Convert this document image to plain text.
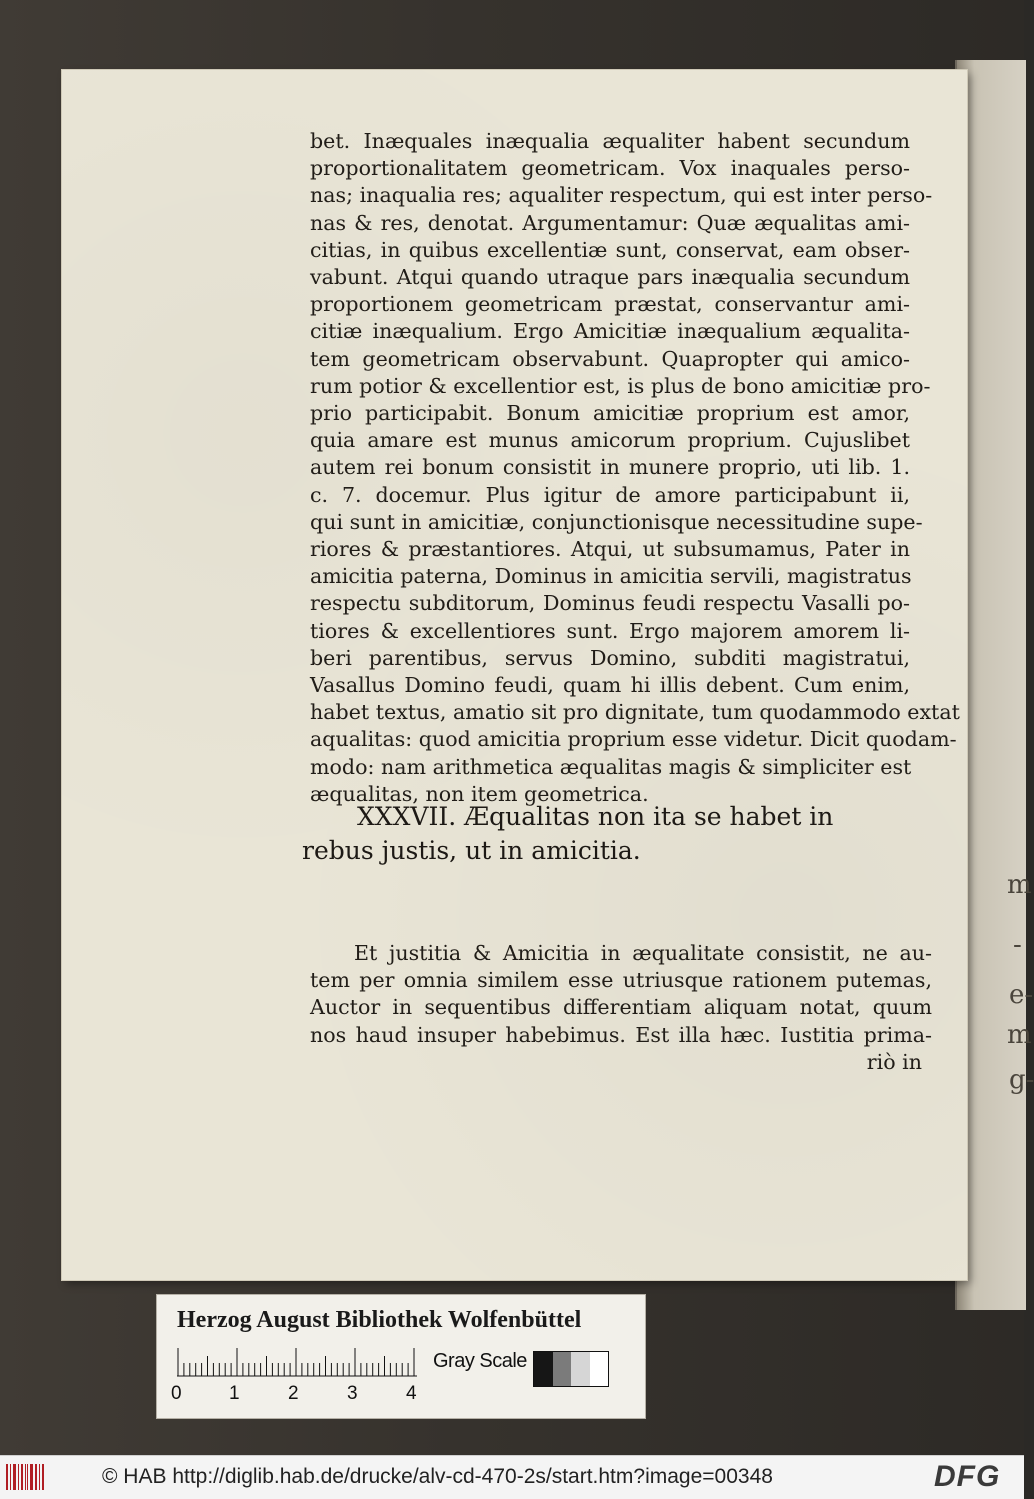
m
-
e-
m
g-
bet. Inæquales inæqualia æqualiter habent secundum
proportionalitatem geometricam. Vox inaquales perso-
nas; inaqualia res; aqualiter respectum, qui est inter perso-
nas & res, denotat. Argumentamur: Quæ æqualitas ami-
citias, in quibus excellentiæ sunt, conservat, eam obser-
vabunt. Atqui quando utraque pars inæqualia secundum
proportionem geometricam præstat, conservantur ami-
citiæ inæqualium. Ergo Amicitiæ inæqualium æqualita-
tem geometricam observabunt. Quapropter qui amico-
rum potior & excellentior est, is plus de bono amicitiæ pro-
prio participabit. Bonum amicitiæ proprium est amor,
quia amare est munus amicorum proprium. Cujuslibet
autem rei bonum consistit in munere proprio, uti lib. 1.
c. 7. docemur. Plus igitur de amore participabunt ii,
qui sunt in amicitiæ, conjunctionisque necessitudine supe-
riores & præstantiores. Atqui, ut subsumamus, Pater in
amicitia paterna, Dominus in amicitia servili, magistratus
respectu subditorum, Dominus feudi respectu Vasalli po-
tiores & excellentiores sunt. Ergo majorem amorem li-
beri parentibus, servus Domino, subditi magistratui,
Vasallus Domino feudi, quam hi illis debent. Cum enim,
habet textus, amatio sit pro dignitate, tum quodammodo extat
aqualitas: quod amicitia proprium esse videtur. Dicit quodam-
modo: nam arithmetica æqualitas magis & simpliciter est
æqualitas, non item geometrica.
XXXVII. Æqualitas non ita se habet in
rebus justis, ut in amicitia.
Et justitia & Amicitia in æqualitate consistit, ne au-
tem per omnia similem esse utriusque rationem putemas,
Auctor in sequentibus differentiam aliquam notat, quum
nos haud insuper habebimus. Est illa hæc. Iustitia prima-
riò in
Herzog August Bibliothek Wolfenbüttel
0 1	2	3	4
Gray Scale
© HAB http://diglib.hab.de/drucke/alv-cd-470-2s/start.htm?image=00348	DFG
